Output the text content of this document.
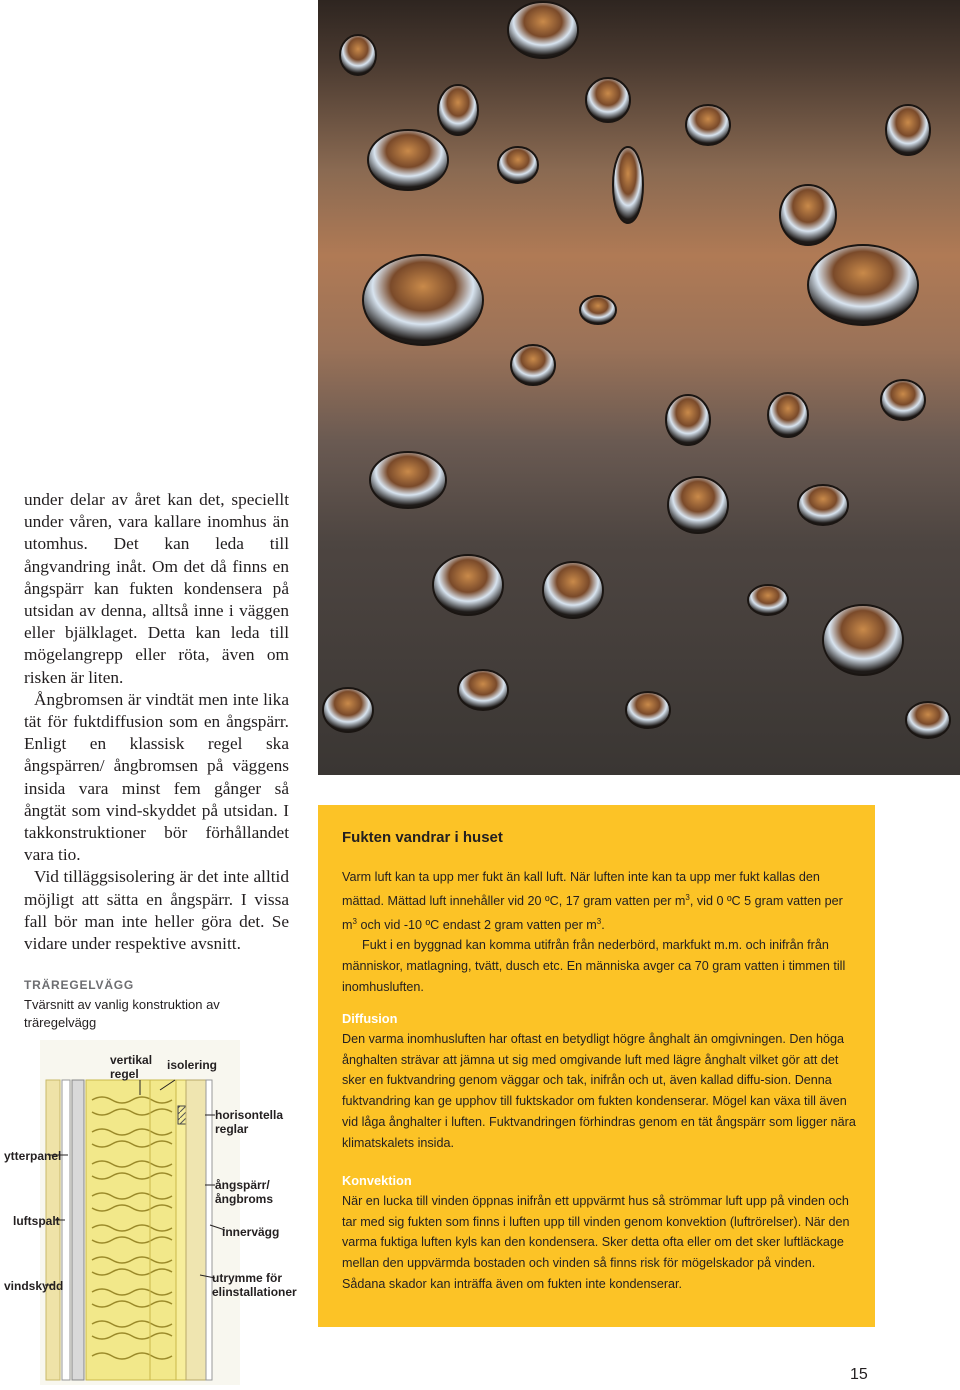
under delar av året kan det, speciellt under våren, vara kallare inomhus än utomhus. Det kan leda till ångvandring inåt. Om det då finns en ångspärr kan fukten kondensera på utsidan av denna, alltså inne i väggen eller bjälklaget. Detta kan leda till mögelangrepp eller röta, även om risken är liten.

Ångbromsen är vindtät men inte lika tät för fuktdiffusion som en ångspärr. Enligt en klassisk regel ska ångspärren/ ångbromsen på väggens insida vara minst fem gånger så ångtät som vind-skyddet på utsidan. I takkonstruktioner bör förhållandet vara tio.

Vid tilläggsisolering är det inte alltid möjligt att sätta en ångspärr. I vissa fall bör man inte heller göra det. Se vidare under respektive avsnitt.

TRÄREGELVÄGG
Tvärsnitt av vanlig konstruktion av träregelvägg
vertikal
regel
isolering
horisontella
reglar
ytterpanel
ångspärr/
ångbroms
luftspalt
innervägg
vindskydd
utrymme för
elinstallationer
Fukten vandrar i huset

Varm luft kan ta upp mer fukt än kall luft. När luften inte kan ta upp mer fukt kallas den mättad. Mättad luft innehåller vid 20 ºC, 17 gram vatten per $m^3$, vid 0 ºC 5 gram vatten per $m^3$ och vid -10 ºC endast 2 gram vatten per $m^3$.

Fukt i en byggnad kan komma utifrån från nederbörd, markfukt m.m. och inifrån från människor, matlagning, tvätt, dusch etc. En människa avger ca 70 gram vatten i timmen till inomhusluften.

Diffusion

Den varma inomhusluften har oftast en betydligt högre ånghalt än omgivningen. Den höga ånghalten strävar att jämna ut sig med omgivande luft med lägre ånghalt vilket gör att det sker en fuktvandring genom väggar och tak, inifrån och ut, även kallad diffu-sion. Denna fuktvandring kan ge upphov till fuktskador om fukten kondenserar. Mögel kan växa till även vid låga ånghalter i luften. Fuktvandringen förhindras genom en tät ångspärr som ligger nära klimatskalets insida.

Konvektion

När en lucka till vinden öppnas inifrån ett uppvärmt hus så strömmar luft upp på vinden och tar med sig fukten som finns i luften upp till vinden genom konvektion (luftrörelser). När den varma fuktiga luften kyls kan den kondensera. Sker detta ofta eller om det sker luftläckage mellan den uppvärmda bostaden och vinden så finns risk för mögelskador på vinden. Sådana skador kan inträffa även om fukten inte kondenserar.

15
